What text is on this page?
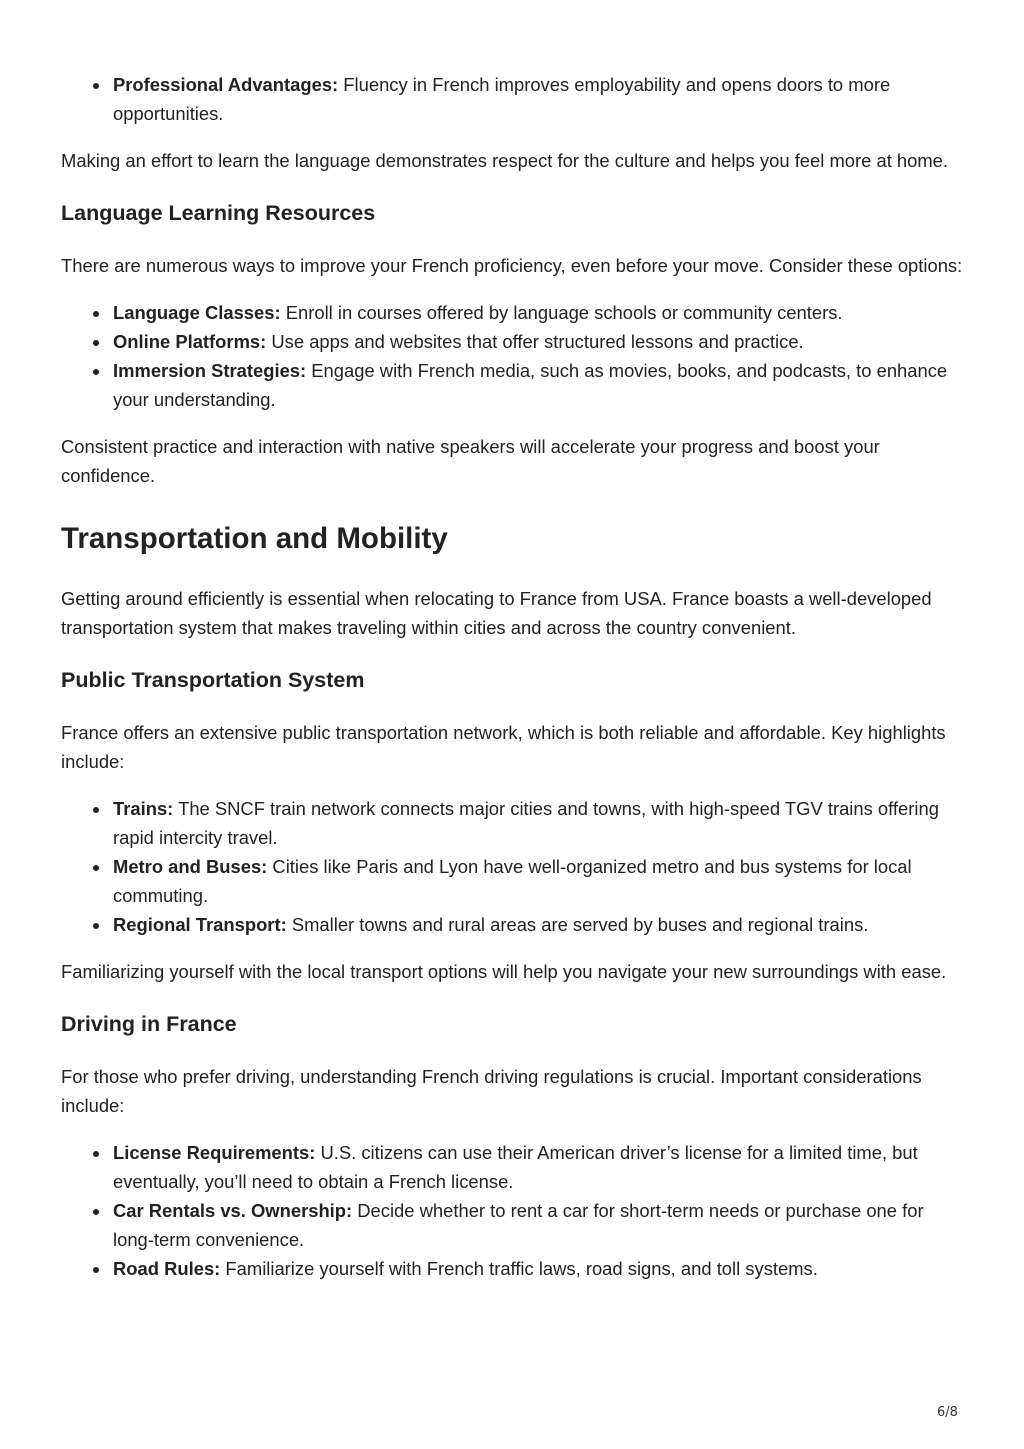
Professional Advantages: Fluency in French improves employability and opens doors to more opportunities.

Making an effort to learn the language demonstrates respect for the culture and helps you feel more at home.

Language Learning Resources

There are numerous ways to improve your French proficiency, even before your move. Consider these options:

Language Classes: Enroll in courses offered by language schools or community centers.
Online Platforms: Use apps and websites that offer structured lessons and practice.
Immersion Strategies: Engage with French media, such as movies, books, and podcasts, to enhance your understanding.

Consistent practice and interaction with native speakers will accelerate your progress and boost your confidence.

Transportation and Mobility

Getting around efficiently is essential when relocating to France from USA. France boasts a well-developed transportation system that makes traveling within cities and across the country convenient.

Public Transportation System

France offers an extensive public transportation network, which is both reliable and affordable. Key highlights include:

Trains: The SNCF train network connects major cities and towns, with high-speed TGV trains offering rapid intercity travel.
Metro and Buses: Cities like Paris and Lyon have well-organized metro and bus systems for local commuting.
Regional Transport: Smaller towns and rural areas are served by buses and regional trains.

Familiarizing yourself with the local transport options will help you navigate your new surroundings with ease.

Driving in France

For those who prefer driving, understanding French driving regulations is crucial. Important considerations include:

License Requirements: U.S. citizens can use their American driver’s license for a limited time, but eventually, you’ll need to obtain a French license.
Car Rentals vs. Ownership: Decide whether to rent a car for short-term needs or purchase one for long-term convenience.
Road Rules: Familiarize yourself with French traffic laws, road signs, and toll systems.
6/8
